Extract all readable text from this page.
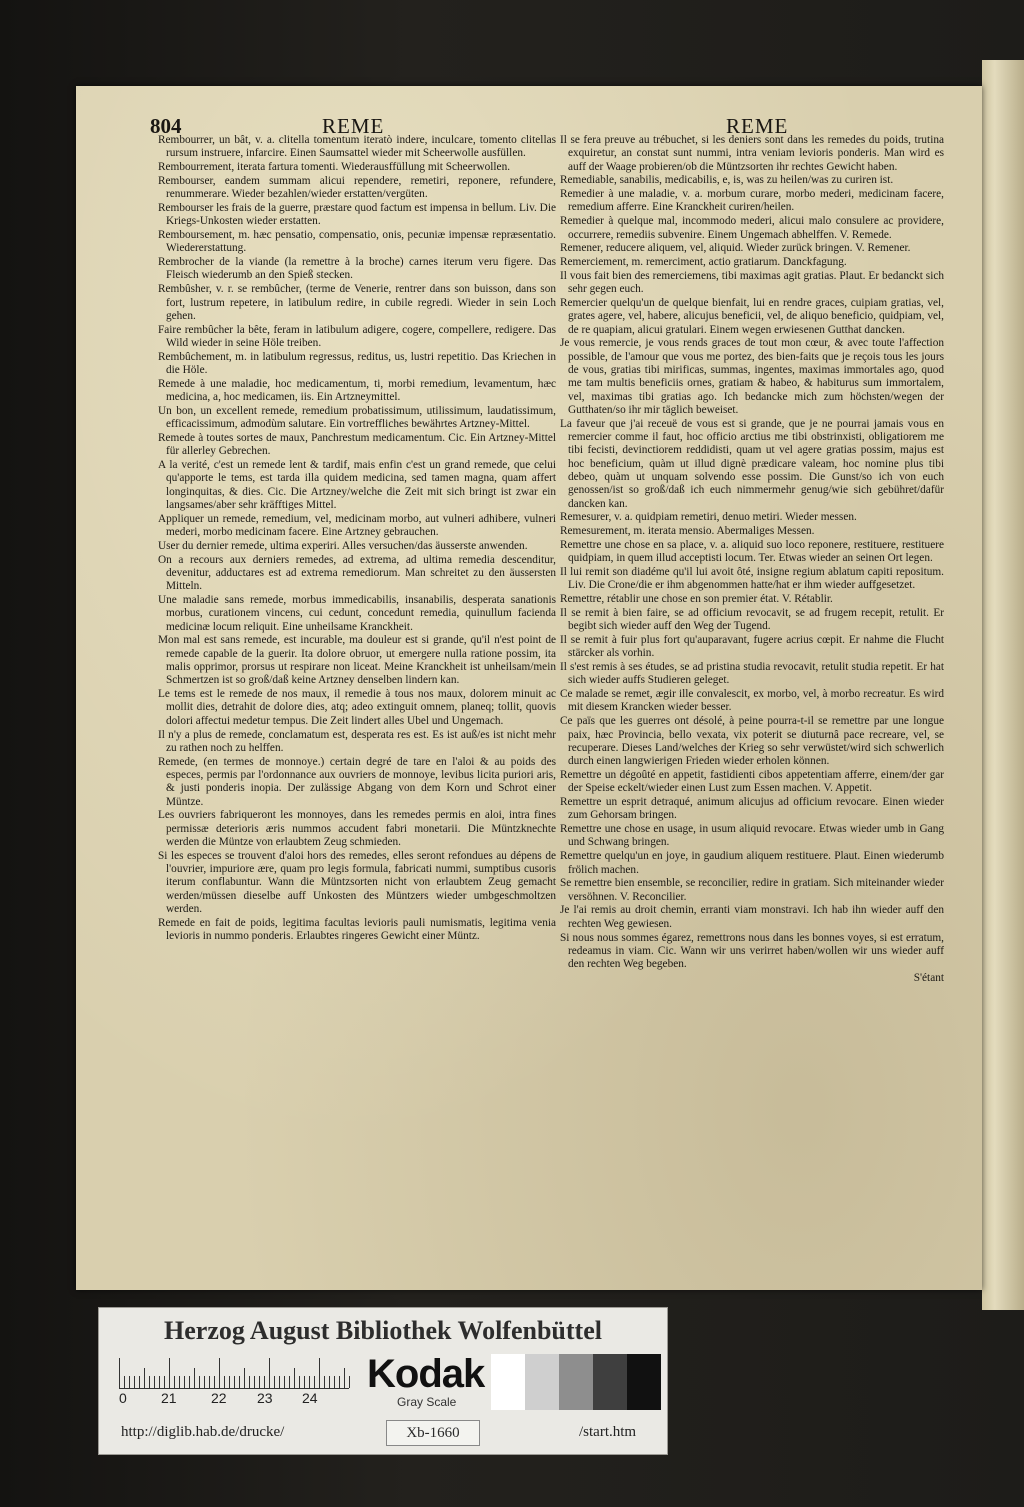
804	REME	REME
Rembourrer, un bât, v. a. clitella tomentum iteratò indere, inculcare, tomento clitellas rursum instruere, infarcire. Einen Saumsattel wieder mit Scheerwolle ausfüllen.
Rembourrement, iterata fartura tomenti. Wiederausffüllung mit Scheerwollen.
Rembourser, eandem summam alicui rependere, remetiri, reponere, refundere, renummerare. Wieder bezahlen/wieder erstatten/vergüten.
Rembourser les frais de la guerre, præstare quod factum est impensa in bellum. Liv. Die Kriegs-Unkosten wieder erstatten.
Remboursement, m. hæc pensatio, compensatio, onis, pecuniæ impensæ repræsentatio. Wiedererstattung.
Rembrocher de la viande (la remettre à la broche) carnes iterum veru figere. Das Fleisch wiederumb an den Spieß stecken.
Rembûsher, v. r. se rembûcher, (terme de Venerie, rentrer dans son buisson, dans son fort, lustrum repetere, in latibulum redire, in cubile regredi. Wieder in sein Loch gehen.
Faire rembûcher la bête, feram in latibulum adigere, cogere, compellere, redigere. Das Wild wieder in seine Höle treiben.
Rembûchement, m. in latibulum regressus, reditus, us, lustri repetitio. Das Kriechen in die Höle.
Remede à une maladie, hoc medicamentum, ti, morbi remedium, levamentum, hæc medicina, a, hoc medicamen, iis. Ein Artzneymittel.
Un bon, un excellent remede, remedium probatissimum, utilissimum, laudatissimum, efficacissimum, admodùm salutare. Ein vortreffliches bewährtes Artzney-Mittel.
Remede à toutes sortes de maux, Panchrestum medicamentum. Cic. Ein Artzney-Mittel für allerley Gebrechen.
A la verité, c'est un remede lent & tardif, mais enfin c'est un grand remede, que celui qu'apporte le tems, est tarda illa quidem medicina, sed tamen magna, quam affert longinquitas, & dies. Cic. Die Artzney/welche die Zeit mit sich bringt ist zwar ein langsames/aber sehr kräfftiges Mittel.
Appliquer un remede, remedium, vel, medicinam morbo, aut vulneri adhibere, vulneri mederi, morbo medicinam facere. Eine Artzney gebrauchen.
User du dernier remede, ultima experiri. Alles versuchen/das äusserste anwenden.
On a recours aux derniers remedes, ad extrema, ad ultima remedia descenditur, devenitur, adductares est ad extrema remediorum. Man schreitet zu den äussersten Mitteln.
Une maladie sans remede, morbus immedicabilis, insanabilis, desperata sanationis morbus, curationem vincens, cui cedunt, concedunt remedia, quinullum facienda medicinæ locum reliquit. Eine unheilsame Kranckheit.
Mon mal est sans remede, est incurable, ma douleur est si grande, qu'il n'est point de remede capable de la guerir. Ita dolore obruor, ut emergere nulla ratione possim, ita malis opprimor, prorsus ut respirare non liceat. Meine Kranckheit ist unheilsam/mein Schmertzen ist so groß/daß keine Artzney denselben lindern kan.
Le tems est le remede de nos maux, il remedie à tous nos maux, dolorem minuit ac mollit dies, detrahit de dolore dies, atq; adeo extinguit omnem, planeq; tollit, quovis dolori affectui medetur tempus. Die Zeit lindert alles Ubel und Ungemach.
Il n'y a plus de remede, conclamatum est, desperata res est. Es ist auß/es ist nicht mehr zu rathen noch zu helffen.
Remede, (en termes de monnoye.) certain degré de tare en l'aloi & au poids des especes, permis par l'ordonnance aux ouvriers de monnoye, levibus licita puriori aris, & justi ponderis inopia. Der zulässige Abgang von dem Korn und Schrot einer Müntze.
Les ouvriers fabriqueront les monnoyes, dans les remedes permis en aloi, intra fines permissæ deterioris æris nummos accudent fabri monetarii. Die Müntzknechte werden die Müntze von erlaubtem Zeug schmieden.
Si les especes se trouvent d'aloi hors des remedes, elles seront refondues au dépens de l'ouvrier, impuriore ære, quam pro legis formula, fabricati nummi, sumptibus cusoris iterum conflabuntur. Wann die Müntzsorten nicht von erlaubtem Zeug gemacht werden/müssen dieselbe auff Unkosten des Müntzers wieder umbgeschmoltzen werden.
Remede en fait de poids, legitima facultas levioris pauli numismatis, legitima venia levioris in nummo ponderis. Erlaubtes ringeres Gewicht einer Müntz.
Il se fera preuve au trébuchet, si les deniers sont dans les remedes du poids, trutina exquiretur, an constat sunt nummi, intra veniam levioris ponderis. Man wird es auff der Waage probieren/ob die Müntzsorten ihr rechtes Gewicht haben.
Remediable, sanabilis, medicabilis, e, is, was zu heilen/was zu curiren ist.
Remedier à une maladie, v. a. morbum curare, morbo mederi, medicinam facere, remedium afferre. Eine Kranckheit curiren/heilen.
Remedier à quelque mal, incommodo mederi, alicui malo consulere ac providere, occurrere, remediis subvenire. Einem Ungemach abhelffen. V. Remede.
Remener, reducere aliquem, vel, aliquid. Wieder zurück bringen. V. Remener.
Remerciement, m. remerciment, actio gratiarum. Danckfagung.
Il vous fait bien des remerciemens, tibi maximas agit gratias. Plaut. Er bedanckt sich sehr gegen euch.
Remercier quelqu'un de quelque bienfait, lui en rendre graces, cuipiam gratias, vel, grates agere, vel, habere, alicujus beneficii, vel, de aliquo beneficio, quidpiam, vel, de re quapiam, alicui gratulari. Einem wegen erwiesenen Gutthat dancken.
Je vous remercie, je vous rends graces de tout mon cœur, & avec toute l'affection possible, de l'amour que vous me portez, des bien-faits que je reçois tous les jours de vous, gratias tibi mirificas, summas, ingentes, maximas immortales ago, quod me tam multis beneficiis ornes, gratiam & habeo, & habiturus sum immortalem, vel, maximas tibi gratias ago. Ich bedancke mich zum höchsten/wegen der Gutthaten/so ihr mir täglich beweiset.
La faveur que j'ai receuë de vous est si grande, que je ne pourrai jamais vous en remercier comme il faut, hoc officio arctius me tibi obstrinxisti, obligatiorem me tibi fecisti, devinctiorem reddidisti, quam ut vel agere gratias possim, majus est hoc beneficium, quàm ut illud dignè prædicare valeam, hoc nomine plus tibi debeo, quàm ut unquam solvendo esse possim. Die Gunst/so ich von euch genossen/ist so groß/daß ich euch nimmermehr genug/wie sich gebühret/dafür dancken kan.
Remesurer, v. a. quidpiam remetiri, denuo metiri. Wieder messen.
Remesurement, m. iterata mensio. Abermaliges Messen.
Remettre une chose en sa place, v. a. aliquid suo loco reponere, restituere, restituere quidpiam, in quem illud acceptisti locum. Ter. Etwas wieder an seinen Ort legen.
Il lui remit son diadéme qu'il lui avoit ôté, insigne regium ablatum capiti repositum. Liv. Die Crone/die er ihm abgenommen hatte/hat er ihm wieder auffgesetzet.
Remettre, rétablir une chose en son premier état. V. Rétablir.
Il se remit à bien faire, se ad officium revocavit, se ad frugem recepit, retulit. Er begibt sich wieder auff den Weg der Tugend.
Il se remit à fuir plus fort qu'auparavant, fugere acrius cœpit. Er nahme die Flucht stärcker als vorhin.
Il s'est remis à ses études, se ad pristina studia revocavit, retulit studia repetit. Er hat sich wieder auffs Studieren geleget.
Ce malade se remet, ægir ille convalescit, ex morbo, vel, à morbo recreatur. Es wird mit diesem Krancken wieder besser.
Ce païs que les guerres ont désolé, à peine pourra-t-il se remettre par une longue paix, hæc Provincia, bello vexata, vix poterit se diuturnâ pace recreare, vel, se recuperare. Dieses Land/welches der Krieg so sehr verwüstet/wird sich schwerlich durch einen langwierigen Frieden wieder erholen können.
Remettre un dégoûté en appetit, fastidienti cibos appetentiam afferre, einem/der gar der Speise eckelt/wieder einen Lust zum Essen machen. V. Appetit.
Remettre un esprit detraqué, animum alicujus ad officium revocare. Einen wieder zum Gehorsam bringen.
Remettre une chose en usage, in usum aliquid revocare. Etwas wieder umb in Gang und Schwang bringen.
Remettre quelqu'un en joye, in gaudium aliquem restituere. Plaut. Einen wiederumb frölich machen.
Se remettre bien ensemble, se reconcilier, redire in gratiam. Sich miteinander wieder versöhnen. V. Reconcilier.
Je l'ai remis au droit chemin, erranti viam monstravi. Ich hab ihn wieder auff den rechten Weg gewiesen.
Si nous nous sommes égarez, remettrons nous dans les bonnes voyes, si est erratum, redeamus in viam. Cic. Wann wir uns verirret haben/wollen wir uns wieder auff den rechten Weg begeben.
S'étant
Herzog August Bibliothek Wolfenbüttel
0 21 22 23 24
Kodak
Gray Scale
http://diglib.hab.de/drucke/	Xb-1660	/start.htm
